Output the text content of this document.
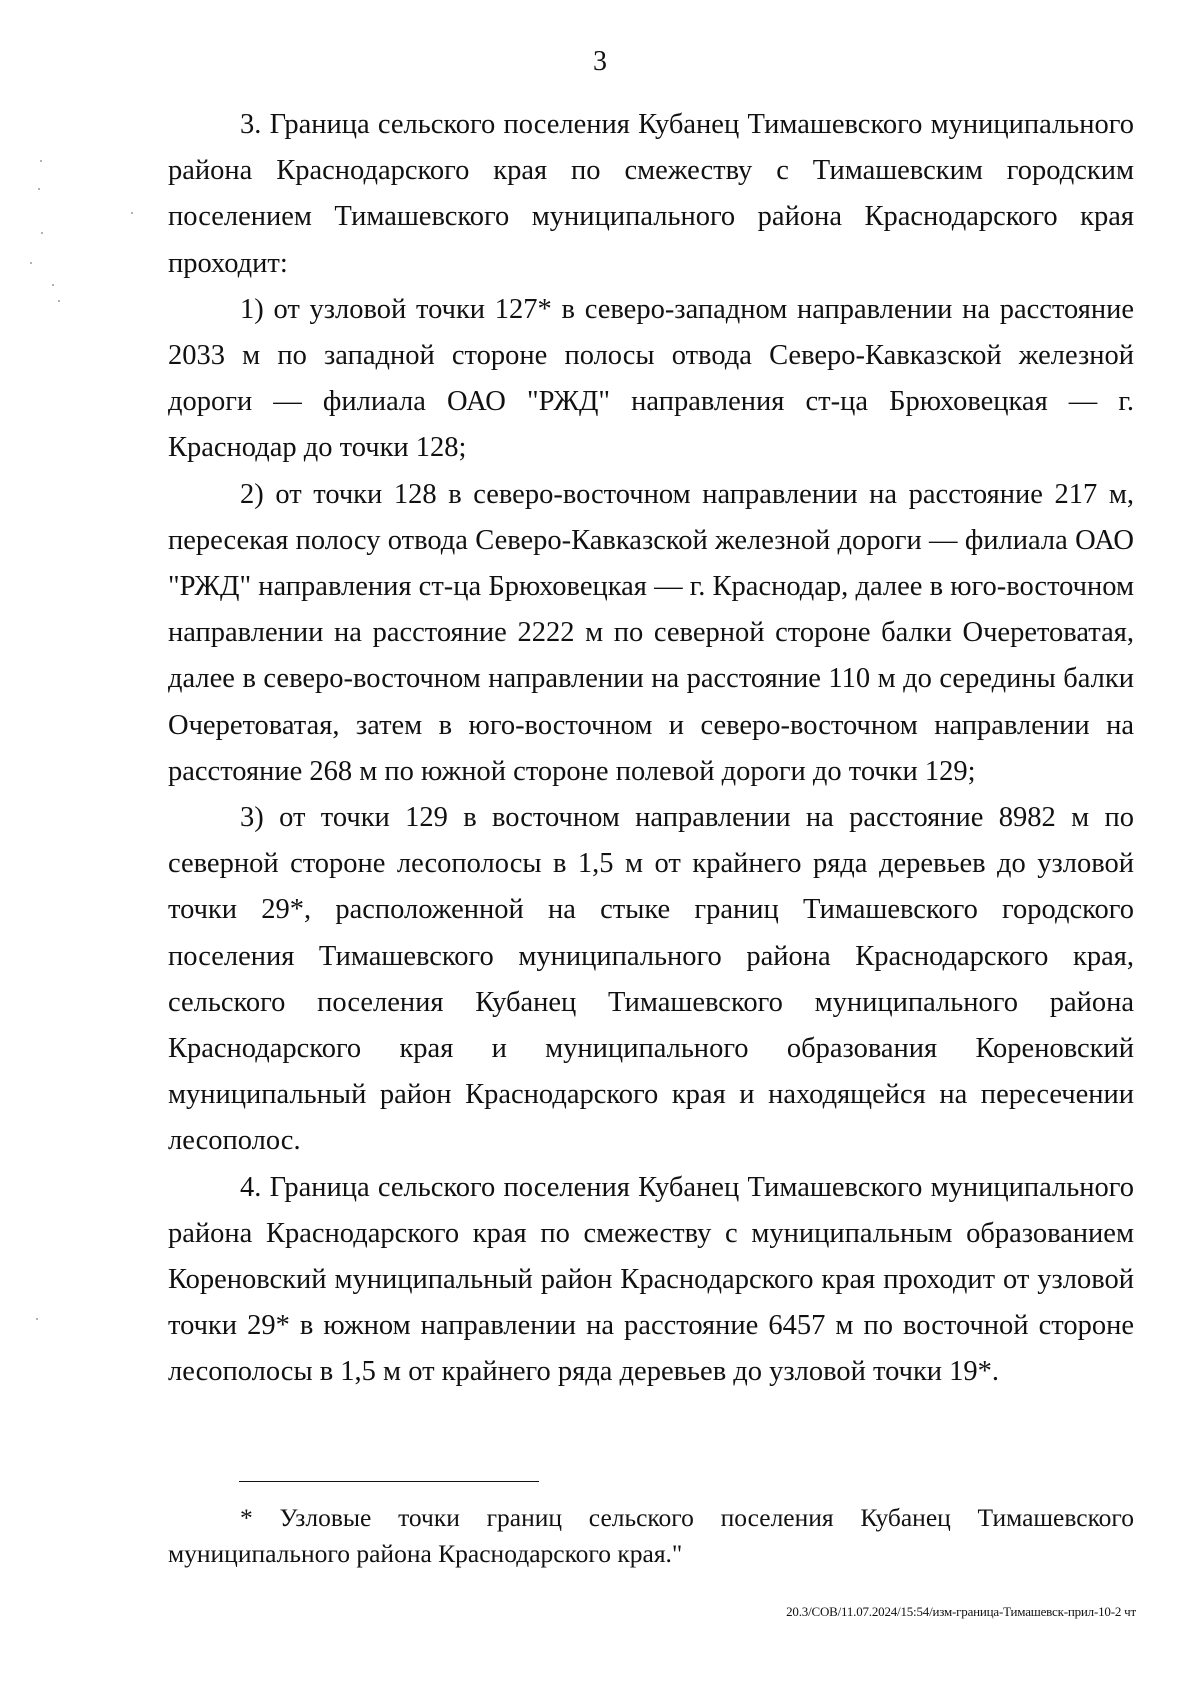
3

3. Граница сельского поселения Кубанец Тимашевского муниципального района Краснодарского края по смежеству с Тимашевским городским поселением Тимашевского муниципального района Краснодарского края проходит:

1) от узловой точки 127* в северо-западном направлении на расстояние 2033 м по западной стороне полосы отвода Северо-Кавказской железной дороги — филиала ОАО "РЖД" направления ст-ца Брюховецкая — г. Краснодар до точки 128;

2) от точки 128 в северо-восточном направлении на расстояние 217 м, пересекая полосу отвода Северо-Кавказской железной дороги — филиала ОАО "РЖД" направления ст-ца Брюховецкая — г. Краснодар, далее в юго-восточном направлении на расстояние 2222 м по северной стороне балки Очеретоватая, далее в северо-восточном направлении на расстояние 110 м до середины балки Очеретоватая, затем в юго-восточном и северо-восточном направлении на расстояние 268 м по южной стороне полевой дороги до точки 129;

3) от точки 129 в восточном направлении на расстояние 8982 м по северной стороне лесополосы в 1,5 м от крайнего ряда деревьев до узловой точки 29*, расположенной на стыке границ Тимашевского городского поселения Тимашевского муниципального района Краснодарского края, сельского поселения Кубанец Тимашевского муниципального района Краснодарского края и муниципального образования Кореновский муниципальный район Краснодарского края и находящейся на пересечении лесополос.

4. Граница сельского поселения Кубанец Тимашевского муниципального района Краснодарского края по смежеству с муниципальным образованием Кореновский муниципальный район Краснодарского края проходит от узловой точки 29* в южном направлении на расстояние 6457 м по восточной стороне лесополосы в 1,5 м от крайнего ряда деревьев до узловой точки 19*.

* Узловые точки границ сельского поселения Кубанец Тимашевского муниципального района Краснодарского края."

20.3/СОВ/11.07.2024/15:54/изм-граница-Тимашевск-прил-10-2 чт
